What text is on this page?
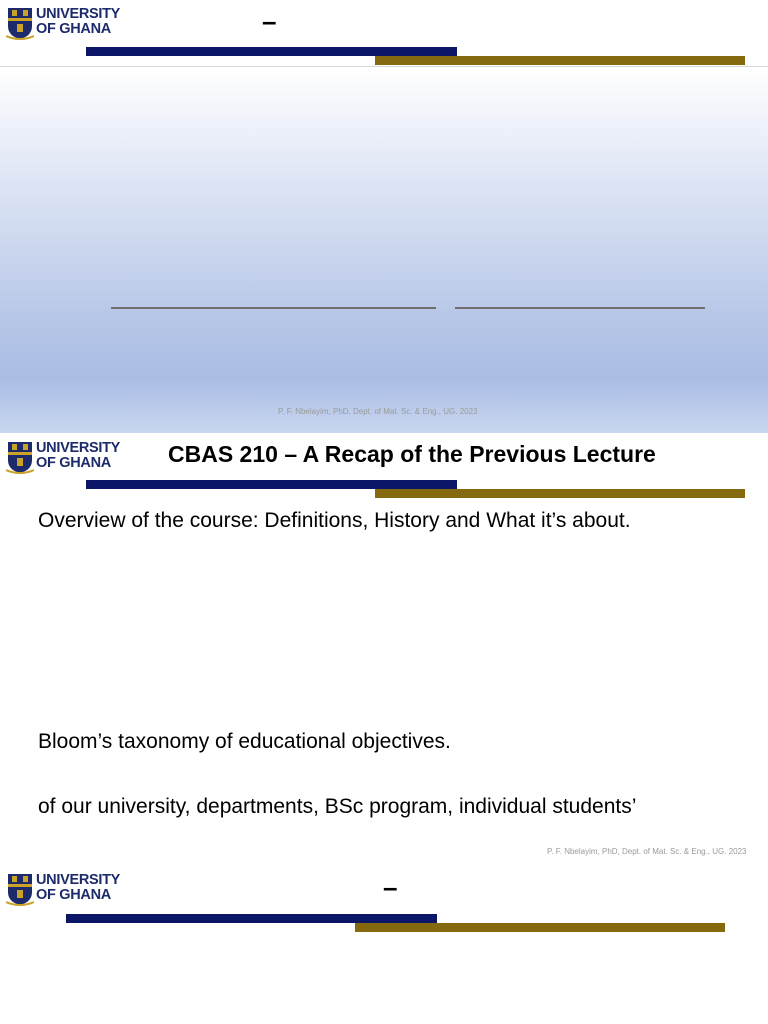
UNIVERSITY
OF GHANA	–
P. F. Nbelayim, PhD, Dept. of Mat. Sc. & Eng., UG. 2023
UNIVERSITY
OF GHANA	CBAS 210 – A Recap of the Previous Lecture
Overview of the course: Definitions, History and What it’s about.
Bloom’s taxonomy of educational objectives.
of our university, departments, BSc program, individual students’
P. F. Nbelayim, PhD, Dept. of Mat. Sc. & Eng., UG. 2023
UNIVERSITY
OF GHANA	–
